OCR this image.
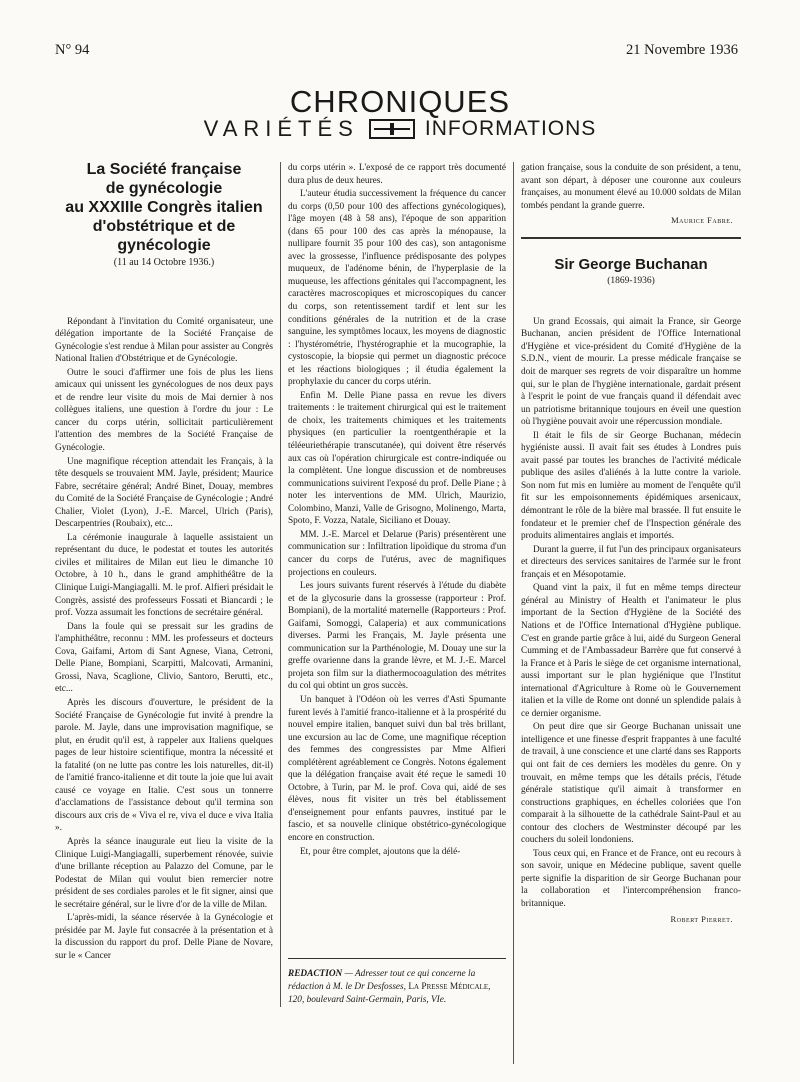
N° 94	21 Novembre 1936
CHRONIQUES
VARIÉTÉS	INFORMATIONS
La Société française
de gynécologie
au XXXIIIe Congrès italien
d'obstétrique et de gynécologie
(11 au 14 Octobre 1936.)

Répondant à l'invitation du Comité organisateur, une délégation importante de la Société Française de Gynécologie s'est rendue à Milan pour assister au Congrès National Italien d'Obstétrique et de Gynécologie.

Outre le souci d'affirmer une fois de plus les liens amicaux qui unissent les gynécologues de nos deux pays et de rendre leur visite du mois de Mai dernier à nos collègues italiens, une question à l'ordre du jour : Le cancer du corps utérin, sollicitait particulièrement l'attention des membres de la Société Française de Gynécologie.

Une magnifique réception attendait les Français, à la tête desquels se trouvaient MM. Jayle, président; Maurice Fabre, secrétaire général; André Binet, Douay, membres du Comité de la Société Française de Gynécologie ; André Chalier, Violet (Lyon), J.-E. Marcel, Ulrich (Paris), Descarpentries (Roubaix), etc...

La cérémonie inaugurale à laquelle assistaient un représentant du duce, le podestat et toutes les autorités civiles et militaires de Milan eut lieu le dimanche 10 Octobre, à 10 h., dans le grand amphithéâtre de la Clinique Luigi-Mangiagalli. M. le prof. Alfieri présidait le Congrès, assisté des professeurs Fossati et Biancardi ; le prof. Vozza assumait les fonctions de secrétaire général.

Dans la foule qui se pressait sur les gradins de l'amphithéâtre, reconnu : MM. les professeurs et docteurs Cova, Gaifami, Artom di Sant Agnese, Viana, Cetroni, Delle Piane, Bompiani, Scarpitti, Malcovati, Armanini, Grossi, Nava, Scaglione, Clivio, Santoro, Berutti, etc., etc...

Après les discours d'ouverture, le président de la Société Française de Gynécologie fut invité à prendre la parole. M. Jayle, dans une improvisation magnifique, se plut, en érudit qu'il est, à rappeler aux Italiens quelques pages de leur histoire scientifique, montra la nécessité et la fatalité (on ne lutte pas contre les lois naturelles, dit-il) de l'amitié franco-italienne et dit toute la joie que lui avait causé ce voyage en Italie. C'est sous un tonnerre d'acclamations de l'assistance debout qu'il termina son discours aux cris de « Viva el re, viva el duce e viva Italia ».

Après la séance inaugurale eut lieu la visite de la Clinique Luigi-Mangiagalli, superbement rénovée, suivie d'une brillante réception au Palazzo del Comune, par le Podestat de Milan qui voulut bien remercier notre président de ses cordiales paroles et le fit signer, ainsi que le secrétaire général, sur le livre d'or de la ville de Milan.

L'après-midi, la séance réservée à la Gynécologie et présidée par M. Jayle fut consacrée à la présentation et à la discussion du rapport du prof. Delle Piane de Novare, sur le « Cancer

du corps utérin ». L'exposé de ce rapport très documenté dura plus de deux heures.

L'auteur étudia successivement la fréquence du cancer du corps (0,50 pour 100 des affections gynécologiques), l'âge moyen (48 à 58 ans), l'époque de son apparition (dans 65 pour 100 des cas après la ménopause, la nullipare fournit 35 pour 100 des cas), son antagonisme avec la grossesse, l'influence prédisposante des polypes muqueux, de l'adénome bénin, de l'hyperplasie de la muqueuse, les affections génitales qui l'accompagnent, les caractères macroscopiques et microscopiques du cancer du corps, son retentissement tardif et lent sur les conditions générales de la nutrition et de la crase sanguine, les symptômes locaux, les moyens de diagnostic : l'hystérométrie, l'hystérographie et la mucographie, la cystoscopie, la biopsie qui permet un diagnostic précoce et les réactions biologiques ; il étudia également la prophylaxie du cancer du corps utérin.

Enfin M. Delle Piane passa en revue les divers traitements : le traitement chirurgical qui est le traitement de choix, les traitements chimiques et les traitements physiques (en particulier la roentgenthérapie et la téléeuriethérapie transcutanée), qui doivent être réservés aux cas où l'opération chirurgicale est contre-indiquée ou la complètent. Une longue discussion et de nombreuses communications suivirent l'exposé du prof. Delle Piane ; à noter les interventions de MM. Ulrich, Maurizio, Colombino, Manzi, Valle de Grisogno, Molinengo, Marta, Spoto, F. Vozza, Natale, Siciliano et Douay.

MM. J.-E. Marcel et Delarue (Paris) présentèrent une communication sur : Infiltration lipoïdique du stroma d'un cancer du corps de l'utérus, avec de magnifiques projections en couleurs.

Les jours suivants furent réservés à l'étude du diabète et de la glycosurie dans la grossesse (rapporteur : Prof. Bompiani), de la mortalité maternelle (Rapporteurs : Prof. Gaifami, Somoggi, Calaperia) et aux communications diverses. Parmi les Français, M. Jayle présenta une communication sur la Parthénologie, M. Douay une sur la greffe ovarienne dans la grande lèvre, et M. J.-E. Marcel projeta son film sur la diathermocoagulation des métrites du col qui obtint un gros succès.

Un banquet à l'Odéon où les verres d'Asti Spumante furent levés à l'amitié franco-italienne et à la prospérité du nouvel empire italien, banquet suivi dun bal très brillant, une excursion au lac de Come, une magnifique réception des femmes des congressistes par Mme Alfieri complétèrent agréablement ce Congrès. Notons également que la délégation française avait été reçue le samedi 10 Octobre, à Turin, par M. le prof. Cova qui, aidé de ses élèves, nous fit visiter un très bel établissement d'enseignement pour enfants pauvres, institué par le fascio, et sa nouvelle clinique obstétrico-gynécologique encore en construction.

Et, pour être complet, ajoutons que la délé-

REDACTION — Adresser tout ce qui concerne la rédaction à M. le Dr Desfosses, La Presse Médicale, 120, boulevard Saint-Germain, Paris, VIe.

gation française, sous la conduite de son président, a tenu, avant son départ, à déposer une couronne aux couleurs françaises, au monument élevé au 10.000 soldats de Milan tombés pendant la grande guerre.

Maurice Fabre.
Sir George Buchanan
(1869-1936)

Un grand Ecossais, qui aimait la France, sir George Buchanan, ancien président de l'Office International d'Hygiène et vice-président du Comité d'Hygiène de la S.D.N., vient de mourir. La presse médicale française se doit de marquer ses regrets de voir disparaître un homme qui, sur le plan de l'hygiène internationale, gardait présent à l'esprit le point de vue français quand il défendait avec un patriotisme britannique toujours en éveil une question où l'hygiène pouvait avoir une répercussion mondiale.

Il était le fils de sir George Buchanan, médecin hygiéniste aussi. Il avait fait ses études à Londres puis avait passé par toutes les branches de l'activité médicale publique des asiles d'aliénés à la lutte contre la variole. Son nom fut mis en lumière au moment de l'enquête qu'il fit sur les empoisonnements épidémiques arsenicaux, démontrant le rôle de la bière mal brassée. Il fut ensuite le fondateur et le premier chef de l'Inspection générale des produits alimentaires anglais et importés.

Durant la guerre, il fut l'un des principaux organisateurs et directeurs des services sanitaires de l'armée sur le front français et en Mésopotamie.

Quand vint la paix, il fut en même temps directeur général au Ministry of Health et l'animateur le plus important de la Section d'Hygiène de la Société des Nations et de l'Office International d'Hygiène publique. C'est en grande partie grâce à lui, aidé du Surgeon General Cumming et de l'Ambassadeur Barrère que fut conservé à la France et à Paris le siège de cet organisme international, aussi important sur le plan hygiénique que l'Institut international d'Agriculture à Rome où le Gouvernement italien et la ville de Rome ont donné un splendide palais à ce dernier organisme.

On peut dire que sir George Buchanan unissait une intelligence et une finesse d'esprit frappantes à une faculté de travail, à une conscience et une clarté dans ses Rapports qui ont fait de ces derniers les modèles du genre. On y trouvait, en même temps que les détails précis, l'étude générale statistique qu'il aimait à transformer en constructions graphiques, en échelles coloriées que l'on comparait à la silhouette de la cathédrale Saint-Paul et au contour des clochers de Westminster découpé par les couchers du soleil londoniens.

Tous ceux qui, en France et de France, ont eu recours à son savoir, unique en Médecine publique, savent quelle perte signifie la disparition de sir George Buchanan pour la collaboration et l'intercompréhension franco-britannique.

Robert Pierret.
